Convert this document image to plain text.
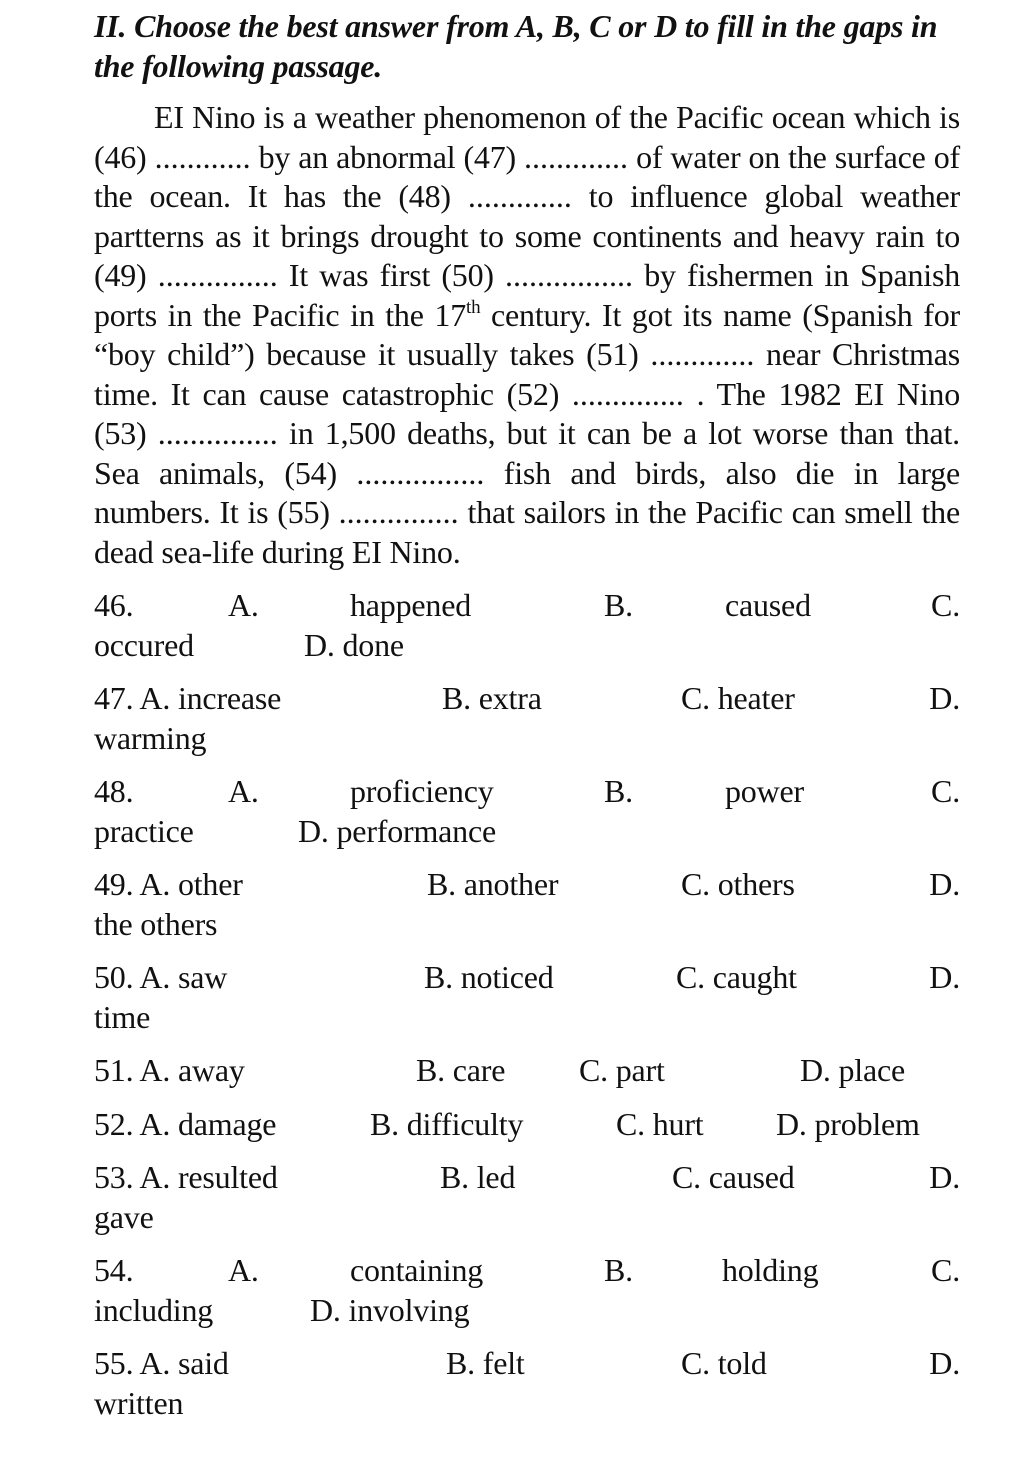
II. Choose the best answer from A, B, C or D to fill in the gaps in the following passage.

EI Nino is a weather phenomenon of the Pacific ocean which is (46) ............ by an abnormal (47) ............. of water on the surface of the ocean. It has the (48) ............. to influence global weather partterns as it brings drought to some continents and heavy rain to (49) ............... It was first (50) ................ by fishermen in Spanish ports in the Pacific in the 17th century. It got its name (Spanish for “boy child”) because it usually takes (51) ............. near Christmas time. It can cause catastrophic (52) .............. . The 1982 EI Nino (53) ............... in 1,500 deaths, but it can be a lot worse than that. Sea animals, (54) ................ fish and birds, also die in large numbers. It is (55) ............... that sailors in the Pacific can smell the dead sea-life during EI Nino.

46.	A.	happened	B.	caused	C.
occured	D. done
47. A. increase	B. extra	C. heater	D.
warming
48.	A.	proficiency	B.	power	C.
practice	D. performance
49. A. other	B. another	C. others	D.
the others
50. A. saw	B. noticed	C. caught	D.
time
51. A. away	B. care C. part	D. place
52. A. damage	B. difficulty	C. hurt D. problem
53. A. resulted	B. led	C. caused	D.
gave
54.	A.	containing	B.	holding	C.
including	D. involving
55. A. said	B. felt	C. told	D.
written
